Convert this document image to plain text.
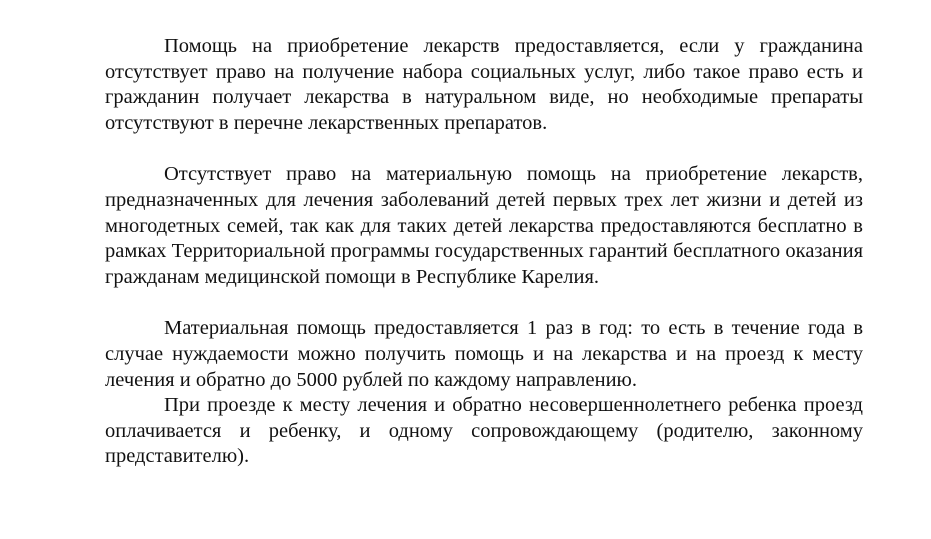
Помощь на приобретение лекарств предоставляется, если у гражданина отсутствует право на получение набора социальных услуг, либо такое право есть и гражданин получает лекарства в натуральном виде, но необходимые препараты отсутствуют в перечне лекарственных препаратов.

Отсутствует право на материальную помощь на приобретение лекарств, предназначенных для лечения заболеваний детей первых трех лет жизни и детей из многодетных семей, так как для таких детей лекарства предоставляются бесплатно в рамках Территориальной программы государственных гарантий бесплатного оказания гражданам медицинской помощи в Республике Карелия.

Материальная помощь предоставляется 1 раз в год: то есть в течение года в случае нуждаемости можно получить помощь и на лекарства и на проезд к месту лечения и обратно до 5000 рублей по каждому направлению.

При проезде к месту лечения и обратно несовершеннолетнего ребенка проезд оплачивается и ребенку, и одному сопровождающему (родителю, законному представителю).
